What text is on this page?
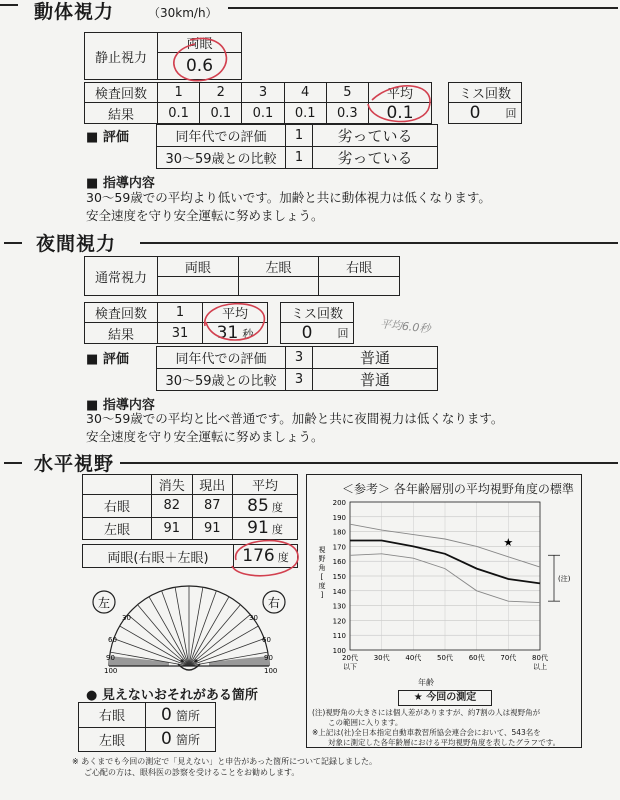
動体視力	（30km/h）
静止視力	両眼
0.6
検査回数	1	2	3	4	5	平均
結果	0.1	0.1	0.1	0.1	0.3	0.1
ミス回数
0	回
■ 評価	同年代での評価	1	劣っている
30〜59歳との比較	1	劣っている
■ 指導内容
30〜59歳での平均より低いです。加齢と共に動体視力は低くなります。
安全速度を守り安全運転に努めましょう。
夜間視力
通常視力	両眼	左眼	右眼

検査回数	1	平均
結果	31	31 秒
ミス回数
0	回	平均6.0秒
■ 評価	同年代での評価	3	普通
30〜59歳との比較	3	普通
■ 指導内容
30〜59歳での平均と比べ普通です。加齢と共に夜間視力は低くなります。
安全速度を守り安全運転に努めましょう。
水平視野
	消失	現出	平均
右眼	82	87	85 度
左眼	91	91	91 度
両眼(右眼＋左眼)	176 度
左	右
30
60
90
100
30
60
90
100
● 見えないおそれがある箇所
右眼	0 箇所
左眼	0 箇所
＜参考＞ 各年齢層別の平均視野角度の標準
200
190
180
170
160
150
140
130
120
110
100
20代
以下
30代 40代 50代 60代 70代 80代
以上
視
野
角
[
度
]
★
(注)
年齢
★ 今回の測定
(注)視野角の大きさには個人差がありますが、約7割の人は視野角が
この範囲に入ります。
※上記は(社)全日本指定自動車教習所協会連合会において、543名を
対象に測定した各年齢層における平均視野角度を表したグラフです。
※ あくまでも今回の測定で「見えない」と申告があった箇所について記録しました。
ご心配の方は、眼科医の診察を受けることをお勧めします。
